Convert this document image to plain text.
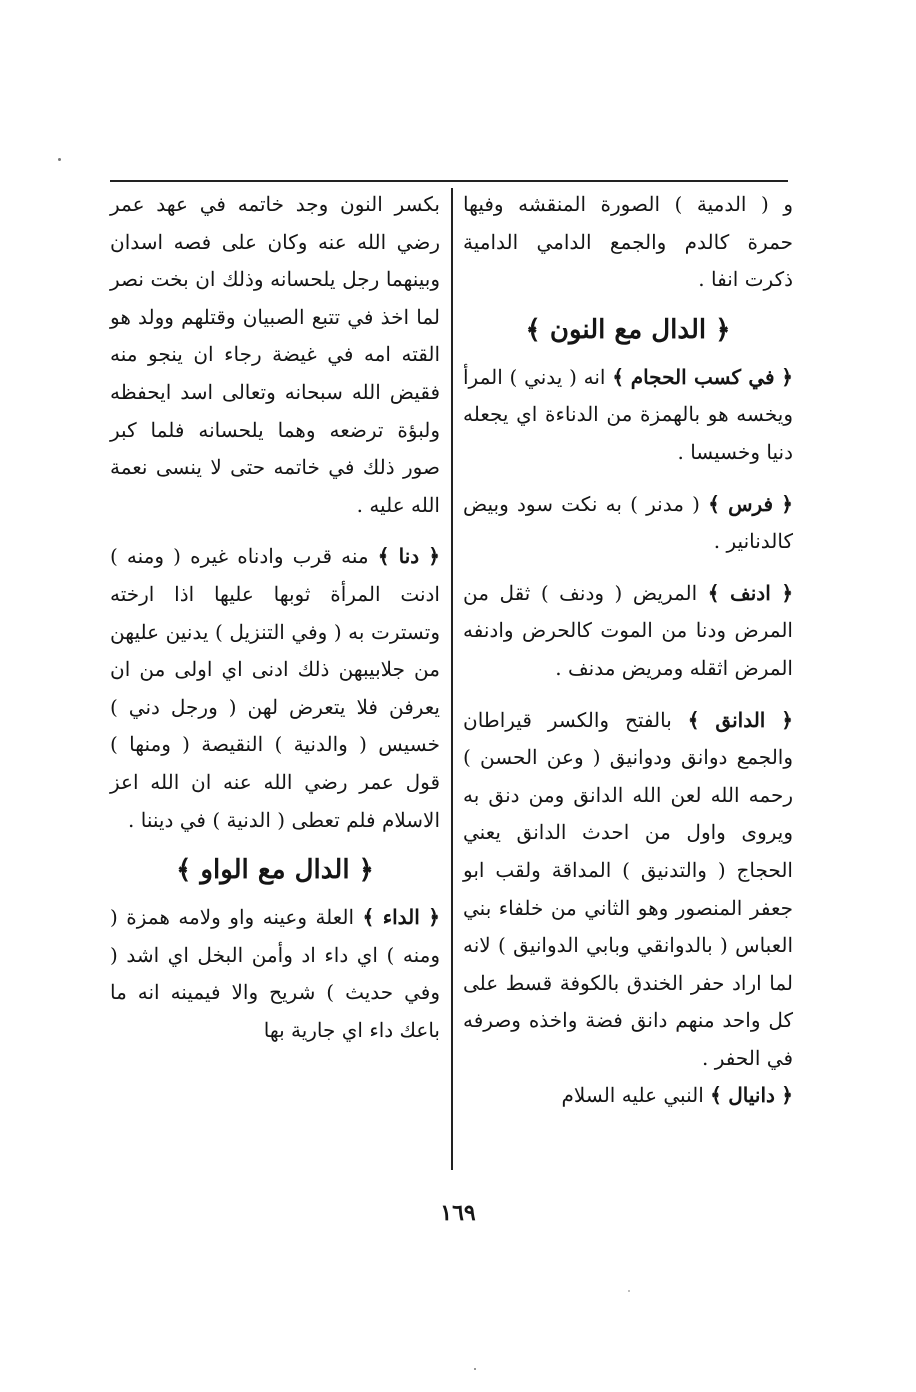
و ( الدمية ) الصورة المنقشه وفيها حمرة كالدم والجمع الدامي الدامية ذكرت انفا .

﴿ الدال مع النون ﴾

﴿ في كسب الحجام ﴾ انه ( يدني ) المرأ ويخسه هو بالهمزة من الدناءة اي يجعله دنيا وخسيسا .

﴿ فرس ﴾ ( مدنر ) به نكت سود وبيض كالدنانير .

﴿ ادنف ﴾ المريض ( ودنف ) ثقل من المرض ودنا من الموت كالحرض وادنفه المرض اثقله ومريض مدنف .

﴿ الدانق ﴾ بالفتح والكسر قيراطان والجمع دوانق ودوانيق ( وعن الحسن ) رحمه الله لعن الله الدانق ومن دنق به ويروى واول من احدث الدانق يعني الحجاج ( والتدنيق ) المداقة ولقب ابو جعفر المنصور وهو الثاني من خلفاء بني العباس ( بالدوانقي وبابي الدوانيق ) لانه لما اراد حفر الخندق بالكوفة قسط على كل واحد منهم دانق فضة واخذه وصرفه في الحفر .

﴿ دانيال ﴾ النبي عليه السلام

بكسر النون وجد خاتمه في عهد عمر رضي الله عنه وكان على فصه اسدان وبينهما رجل يلحسانه وذلك ان بخت نصر لما اخذ في تتبع الصبيان وقتلهم وولد هو القته امه في غيضة رجاء ان ينجو منه فقيض الله سبحانه وتعالى اسد ايحفظه ولبؤة ترضعه وهما يلحسانه فلما كبر صور ذلك في خاتمه حتى لا ينسى نعمة الله عليه .

﴿ دنا ﴾ منه قرب وادناه غيره ( ومنه ) ادنت المرأة ثوبها عليها اذا ارخته وتسترت به ( وفي التنزيل ) يدنين عليهن من جلابيبهن ذلك ادنى اي اولى من ان يعرفن فلا يتعرض لهن ( ورجل دني ) خسيس ( والدنية ) النقيصة ( ومنها ) قول عمر رضي الله عنه ان الله اعز الاسلام فلم تعطى ( الدنية ) في ديننا .

﴿ الدال مع الواو ﴾

﴿ الداء ﴾ العلة وعينه واو ولامه همزة ( ومنه ) اي داء اد وأمن البخل اي اشد ( وفي حديث ) شريح والا فيمينه انه ما باعك داء اي جارية بها

١٦٩
